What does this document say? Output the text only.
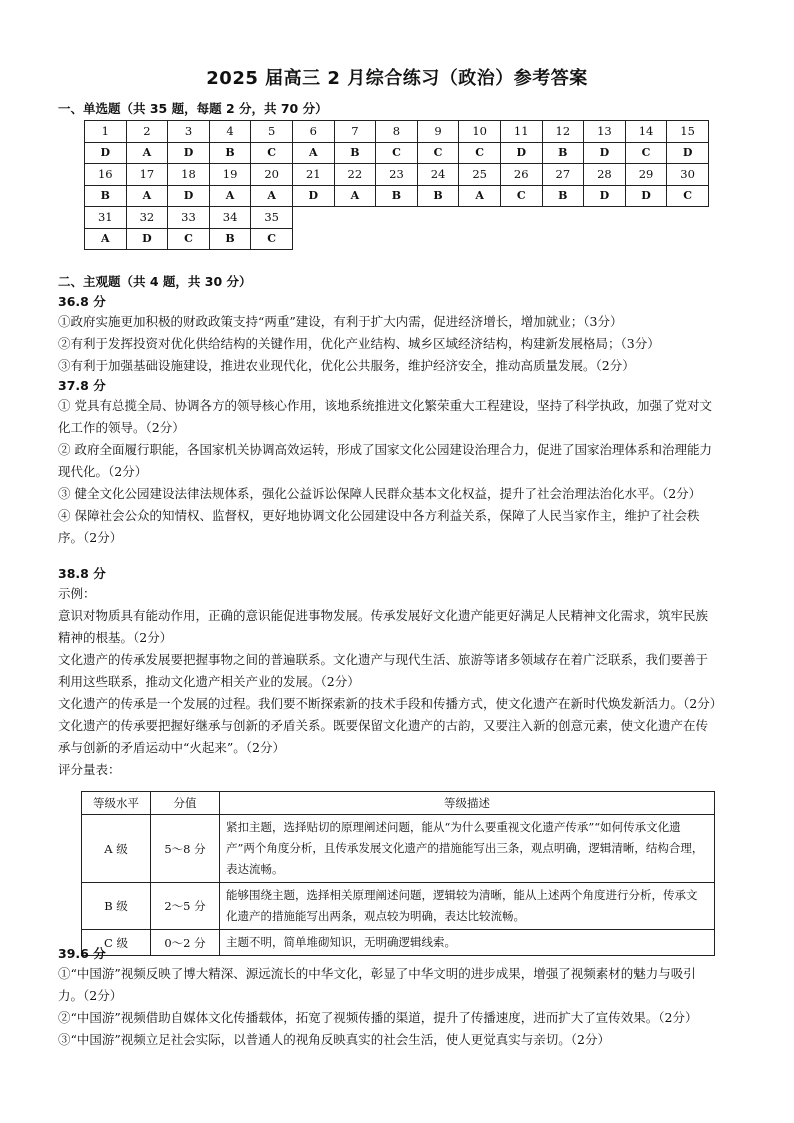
2025 届高三 2 月综合练习（政治）参考答案
一、单选题（共 35 题，每题 2 分，共 70 分）
1	2	3	4	5	6	7	8	9	10	11	12	13	14	15
D	A	D	B	C	A	B	C	C	C	D	B	D	C	D
16	17	18	19	20	21	22	23	24	25	26	27	28	29	30
B	A	D	A	A	D	A	B	B	A	C	B	D	D	C
31	32	33	34	35										
A	D	C	B	C										
二、主观题（共 4 题，共 30 分）
36.8 分
①政府实施更加积极的财政政策支持“两重”建设，有利于扩大内需，促进经济增长，增加就业；（3分）
②有利于发挥投资对优化供给结构的关键作用，优化产业结构、城乡区域经济结构，构建新发展格局；（3分）
③有利于加强基础设施建设，推进农业现代化，优化公共服务，维护经济安全，推动高质量发展。（2分）
37.8 分
① 党具有总揽全局、协调各方的领导核心作用，该地系统推进文化繁荣重大工程建设，坚持了科学执政，加强了党对文化工作的领导。（2分）
② 政府全面履行职能，各国家机关协调高效运转，形成了国家文化公园建设治理合力，促进了国家治理体系和治理能力现代化。（2分）
③ 健全文化公园建设法律法规体系，强化公益诉讼保障人民群众基本文化权益，提升了社会治理法治化水平。（2分）
④ 保障社会公众的知情权、监督权，更好地协调文化公园建设中各方利益关系，保障了人民当家作主，维护了社会秩序。（2分）
38.8 分
示例：
意识对物质具有能动作用，正确的意识能促进事物发展。传承发展好文化遗产能更好满足人民精神文化需求，筑牢民族精神的根基。（2分）
文化遗产的传承发展要把握事物之间的普遍联系。文化遗产与现代生活、旅游等诸多领域存在着广泛联系，我们要善于利用这些联系，推动文化遗产相关产业的发展。（2分）
文化遗产的传承是一个发展的过程。我们要不断探索新的技术手段和传播方式，使文化遗产在新时代焕发新活力。（2分）
文化遗产的传承要把握好继承与创新的矛盾关系。既要保留文化遗产的古韵，又要注入新的创意元素，使文化遗产在传承与创新的矛盾运动中“火起来”。（2分）
评分量表：
等级水平	分值	等级描述
A 级	5～8 分	紧扣主题，选择贴切的原理阐述问题，能从“为什么要重视文化遗产传承”“如何传承文化遗产”两个角度分析，且传承发展文化遗产的措施能写出三条，观点明确，逻辑清晰，结构合理，表达流畅。
B 级	2～5 分	能够围绕主题，选择相关原理阐述问题，逻辑较为清晰，能从上述两个角度进行分析，传承文化遗产的措施能写出两条，观点较为明确，表达比较流畅。
C 级	0～2 分	主题不明，简单堆砌知识，无明确逻辑线索。
39.6 分
①“中国游”视频反映了博大精深、源远流长的中华文化，彰显了中华文明的进步成果，增强了视频素材的魅力与吸引力。（2分）
②“中国游”视频借助自媒体文化传播载体，拓宽了视频传播的渠道，提升了传播速度，进而扩大了宣传效果。（2分）
③“中国游”视频立足社会实际，以普通人的视角反映真实的社会生活，使人更觉真实与亲切。（2分）
